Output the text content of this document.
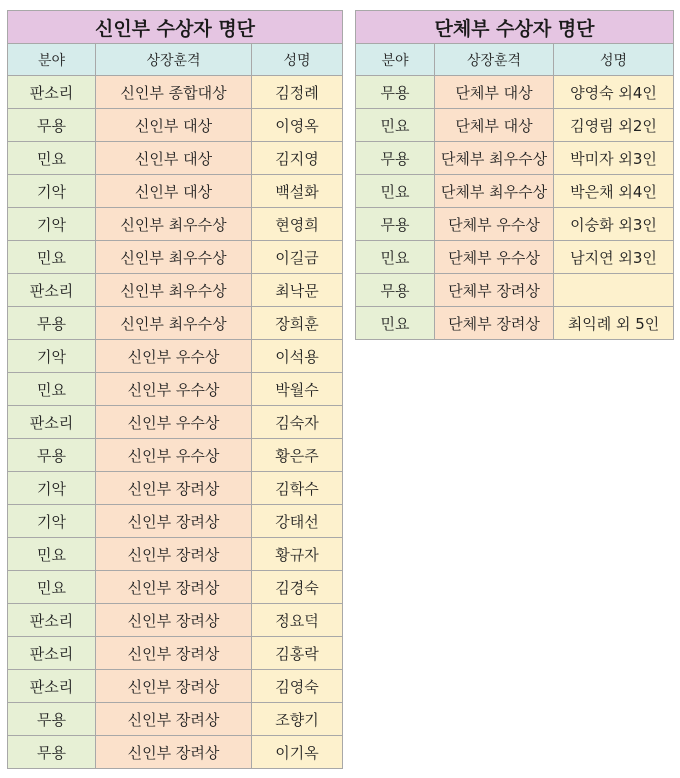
신인부 수상자 명단		
분야	상장훈격	성명
판소리	신인부 종합대상	김정례
무용	신인부 대상	이영옥
민요	신인부 대상	김지영
기악	신인부 대상	백설화
기악	신인부 최우수상	현영희
민요	신인부 최우수상	이길금
판소리	신인부 최우수상	최낙문
무용	신인부 최우수상	장희훈
기악	신인부 우수상	이석용
민요	신인부 우수상	박월수
판소리	신인부 우수상	김숙자
무용	신인부 우수상	황은주
기악	신인부 장려상	김학수
기악	신인부 장려상	강태선
민요	신인부 장려상	황규자
민요	신인부 장려상	김경숙
판소리	신인부 장려상	정요덕
판소리	신인부 장려상	김홍락
판소리	신인부 장려상	김영숙
무용	신인부 장려상	조향기
무용	신인부 장려상	이기옥
단체부 수상자 명단		
분야	상장훈격	성명
무용	단체부 대상	양영숙 외4인
민요	단체부 대상	김영림 외2인
무용	단체부 최우수상	박미자 외3인
민요	단체부 최우수상	박은채 외4인
무용	단체부 우수상	이숭화 외3인
민요	단체부 우수상	남지연 외3인
무용	단체부 장려상	
민요	단체부 장려상	최익례 외 5인
